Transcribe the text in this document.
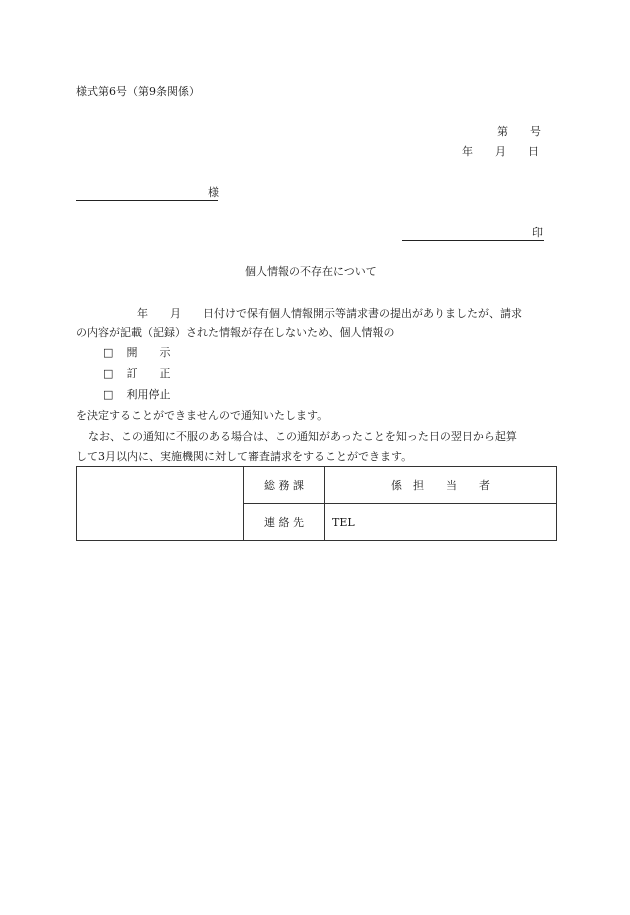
様式第6号（第9条関係）
第　　号
年　　月　　日
様
印
個人情報の不存在について
年　　月　　日付けで保有個人情報開示等請求書の提出がありましたが、請求
の内容が記載（記録）された情報が存在しないため、個人情報の
□ 開　　示
□ 訂　　正
□ 利用停止
を決定することができませんので通知いたします。
なお、この通知に不服のある場合は、この通知があったことを知った日の翌日から起算
して3月以内に、実施機関に対して審査請求をすることができます。
	総 務 課	係　担　　当　　者
	連 絡 先	TEL
